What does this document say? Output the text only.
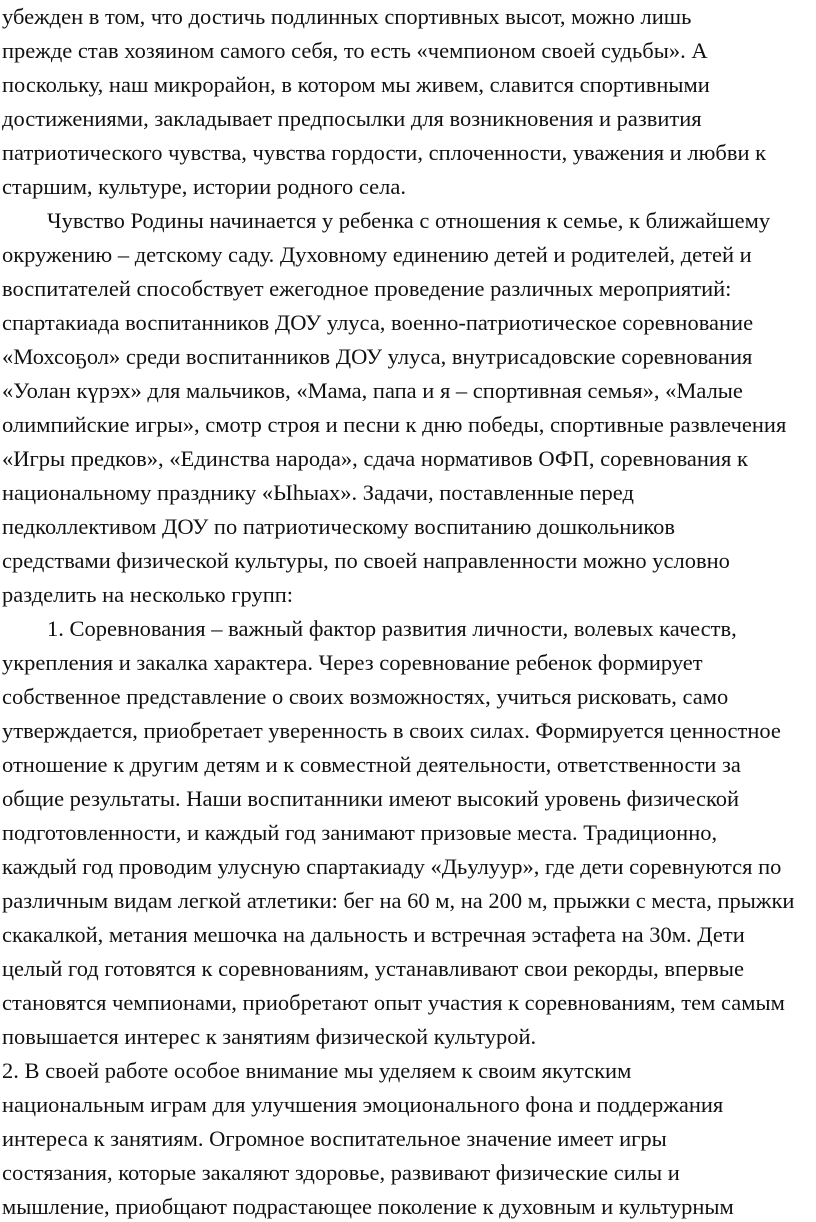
убежден в том, что достичь подлинных спортивных высот, можно лишь
прежде став хозяином самого себя, то есть «чемпионом своей судьбы». А
поскольку, наш микрорайон, в котором мы живем, славится спортивными
достижениями, закладывает предпосылки для возникновения и развития
патриотического чувства, чувства гордости, сплоченности, уважения и любви к
старшим, культуре, истории родного села.
Чувство Родины начинается у ребенка с отношения к семье, к ближайшему
окружению – детскому саду. Духовному единению детей и родителей, детей и
воспитателей способствует ежегодное проведение различных мероприятий:
спартакиада воспитанников ДОУ улуса, военно-патриотическое соревнование
«Мохсоҕол» среди воспитанников ДОУ улуса, внутрисадовские соревнования
«Уолан күрэх» для мальчиков, «Мама, папа и я – спортивная семья», «Малые
олимпийские игры», смотр строя и песни к дню победы, спортивные развлечения
«Игры предков», «Единства народа», сдача нормативов ОФП, соревнования к
национальному празднику «Ыһыах». Задачи, поставленные перед
педколлективом ДОУ по патриотическому воспитанию дошкольников
средствами физической культуры, по своей направленности можно условно
разделить на несколько групп:
1. Соревнования – важный фактор развития личности, волевых качеств,
укрепления и закалка характера. Через соревнование ребенок формирует
собственное представление о своих возможностях, учиться рисковать, само
утверждается, приобретает уверенность в своих силах. Формируется ценностное
отношение к другим детям и к совместной деятельности, ответственности за
общие результаты. Наши воспитанники имеют высокий уровень физической
подготовленности, и каждый год занимают призовые места. Традиционно,
каждый год проводим улусную спартакиаду «Дьулуур», где дети соревнуются по
различным видам легкой атлетики: бег на 60 м, на 200 м, прыжки с места, прыжки
скакалкой, метания мешочка на дальность и встречная эстафета на 30м. Дети
целый год готовятся к соревнованиям, устанавливают свои рекорды, впервые
становятся чемпионами, приобретают опыт участия к соревнованиям, тем самым
повышается интерес к занятиям физической культурой.
2. В своей работе особое внимание мы уделяем к своим якутским
национальным играм для улучшения эмоционального фона и поддержания
интереса к занятиям. Огромное воспитательное значение имеет игры
состязания, которые закаляют здоровье, развивают физические силы и
мышление, приобщают подрастающее поколение к духовным и культурным
